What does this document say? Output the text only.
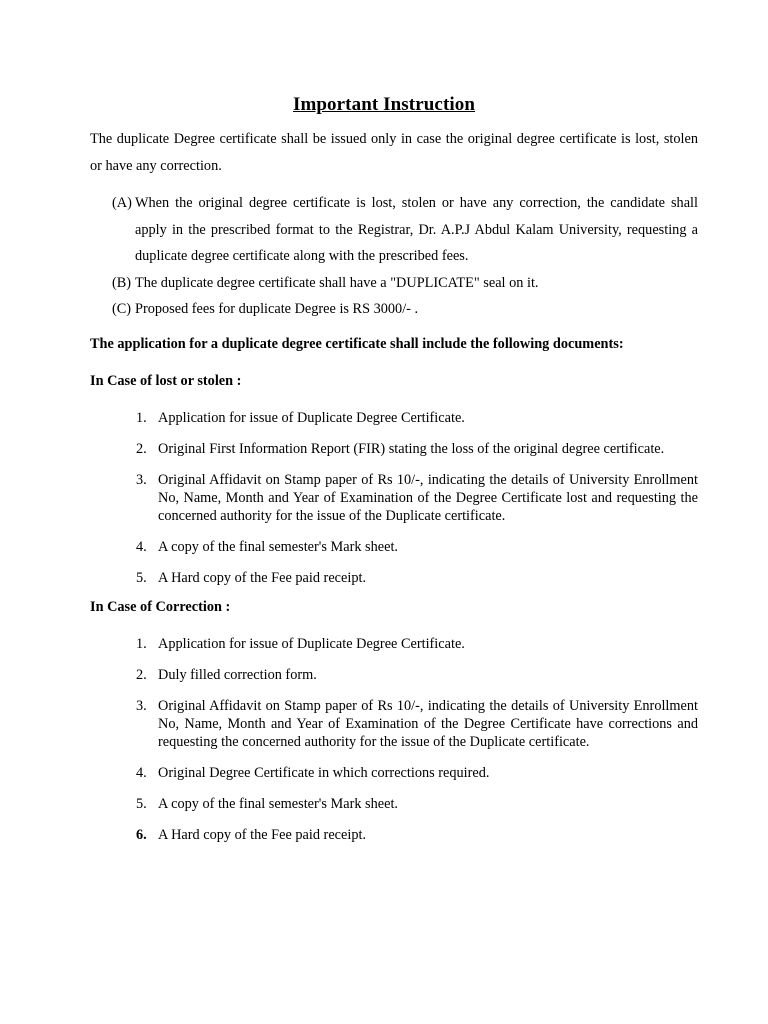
Important Instruction
The duplicate Degree certificate shall be issued only in case the original degree certificate is lost, stolen or have any correction.
(A) When the original degree certificate is lost, stolen or have any correction, the candidate shall apply in the prescribed format to the Registrar, Dr. A.P.J Abdul Kalam University, requesting a duplicate degree certificate along with the prescribed fees.
(B) The duplicate degree certificate shall have a "DUPLICATE" seal on it.
(C) Proposed fees for duplicate Degree is RS 3000/- .
The application for a duplicate degree certificate shall include the following documents:
In Case of lost or stolen :
1. Application for issue of Duplicate Degree Certificate.
2. Original First Information Report (FIR) stating the loss of the original degree certificate.
3. Original Affidavit on Stamp paper of Rs 10/-, indicating the details of University Enrollment No, Name, Month and Year of Examination of the Degree Certificate lost and requesting the concerned authority for the issue of the Duplicate certificate.
4. A copy of the final semester's Mark sheet.
5. A Hard copy of the Fee paid receipt.
In Case of Correction :
1. Application for issue of Duplicate Degree Certificate.
2. Duly filled correction form.
3. Original Affidavit on Stamp paper of Rs 10/-, indicating the details of University Enrollment No, Name, Month and Year of Examination of the Degree Certificate have corrections and requesting the concerned authority for the issue of the Duplicate certificate.
4. Original Degree Certificate in which corrections required.
5. A copy of the final semester's Mark sheet.
6. A Hard copy of the Fee paid receipt.
